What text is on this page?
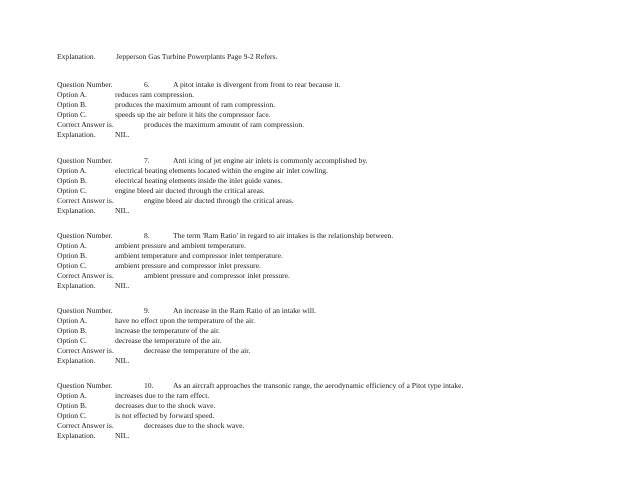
Explanation.	Jepperson Gas Turbine Powerplants Page 9-2 Refers.
Question Number.	6.	A pitot intake is divergent from front to rear because it.
Option A.	reduces ram compression.
Option B.	produces the maximum amount of ram compression.
Option C.	speeds up the air before it hits the compressor face.
Correct Answer is.	produces the maximum amount of ram compression.
Explanation.	NIL.
Question Number.	7.	Anti icing of jet engine air inlets is commonly accomplished by.
Option A.	electrical heating elements located within the engine air inlet cowling.
Option B.	electrical heating elements inside the inlet guide vanes.
Option C.	engine bleed air ducted through the critical areas.
Correct Answer is.	engine bleed air ducted through the critical areas.
Explanation.	NIL.
Question Number.	8.	The term 'Ram Ratio' in regard to air intakes is the relationship between.
Option A.	ambient pressure and ambient temperature.
Option B.	ambient temperature and compressor inlet temperature.
Option C.	ambient pressure and compressor inlet pressure.
Correct Answer is.	ambient pressure and compressor inlet pressure.
Explanation.	NIL.
Question Number.	9.	An increase in the Ram Ratio of an intake will.
Option A.	have no effect upon the temperature of the air.
Option B.	increase the temperature of the air.
Option C.	decrease the temperature of the air.
Correct Answer is.	decrease the temperature of the air.
Explanation.	NIL.
Question Number.	10.	As an aircraft approaches the transonic range, the aerodynamic efficiency of a Pitot type intake.
Option A.	increases due to the ram effect.
Option B.	decreases due to the shock wave.
Option C.	is not effected by forward speed.
Correct Answer is.	decreases due to the shock wave.
Explanation.	NIL.
